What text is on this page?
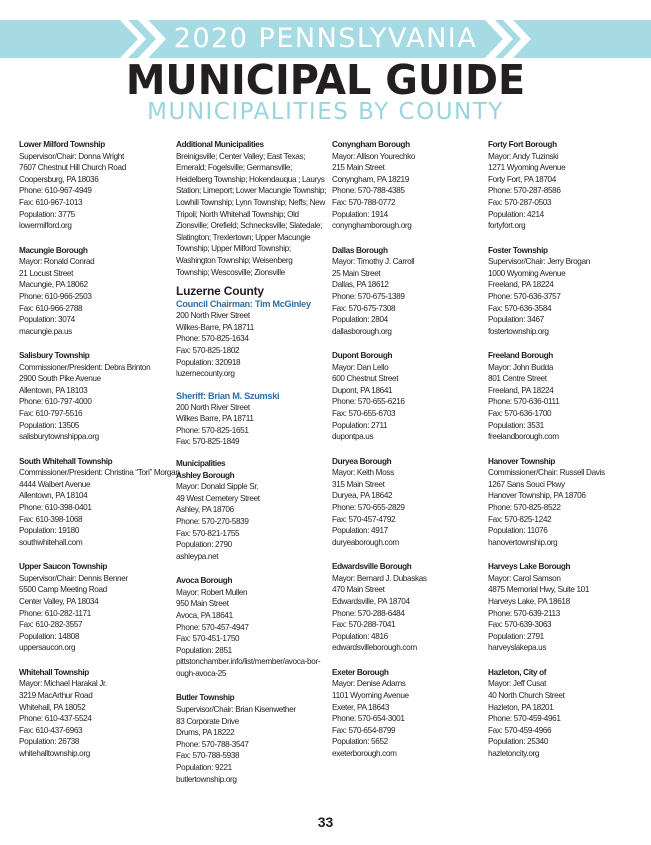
2020 PENNSLYVANIA
MUNICIPAL GUIDE
MUNICIPALITIES BY COUNTY
Lower Milford Township
Supervisor/Chair: Donna Wright
7607 Chestnut Hill Church Road
Coopersburg, PA 18036
Phone: 610-967-4949
Fax: 610-967-1013
Population: 3775
lowermilford.org
Macungie Borough
Mayor: Ronald Conrad
21 Locust Street
Macungie, PA 18062
Phone: 610-966-2503
Fax: 610-966-2788
Population: 3074
macungie.pa.us
Salisbury Township
Commissioner/President: Debra Brinton
2900 South Pike Avenue
Allentown, PA 18103
Phone: 610-797-4000
Fax: 610-797-5516
Population: 13505
salisburytownshippa.org
South Whitehall Township
Commissioner/President: Christina “Tori” Morgan
4444 Walbert Avenue
Allentown, PA 18104
Phone: 610-398-0401
Fax: 610-398-1068
Population: 19180
southwhitehall.com
Upper Saucon Township
Supervisor/Chair: Dennis Benner
5500 Camp Meeting Road
Center Valley, PA 18034
Phone: 610-282-1171
Fax: 610-282-3557
Population: 14808
uppersaucon.org
Whitehall Township
Mayor: Michael Harakal Jr.
3219 MacArthur Road
Whitehall, PA 18052
Phone: 610-437-5524
Fax: 610-437-6963
Population: 26738
whitehalltownship.org
Additional Municipalities
Breinigsville; Center Valley; East Texas; Emerald; Fogelsville; Germansville; Heidelberg Township; Hokendauqua ; Laurys Station; Limeport; Lower Macungie Township; Lowhill Township; Lynn Township; Neffs; New Tripoli; North Whitehall Township; Old Zionsville; Orefield; Schnecksville; Slatedale; Slatington; Trexlertown; Upper Macungie Township; Upper Milford Township; Washington Township; Weisenberg Township; Wescosville; Zionsville
Luzerne County
Council Chairman: Tim McGinley
200 North River Street
Wilkes-Barre, PA 18711
Phone: 570-825-1634
Fax: 570-825-1802
Population: 320918
luzernecounty.org
Sheriff: Brian M. Szumski
200 North River Street
Wilkes Barre, PA 18711
Phone: 570-825-1651
Fax: 570-825-1849
Municipalities
Ashley Borough
Mayor: Donald Sipple Sr.
49 West Cemetery Street
Ashley, PA 18706
Phone: 570-270-5839
Fax: 570-821-1755
Population: 2790
ashleypa.net
Avoca Borough
Mayor: Robert Mullen
950 Main Street
Avoca, PA 18641
Phone: 570-457-4947
Fax: 570-451-1750
Population: 2851
pittstonchamber.info/list/member/avoca-bor-
ough-avoca-25
Butler Township
Supervisor/Chair: Brian Kisenwether
83 Corporate Drive
Drums, PA 18222
Phone: 570-788-3547
Fax: 570-788-5938
Population: 9221
butlertownship.org
Conyngham Borough
Mayor: Allison Yourechko
215 Main Street
Conyngham, PA 18219
Phone: 570-788-4385
Fax: 570-788-0772
Population: 1914
conynghamborough.org
Dallas Borough
Mayor: Timothy J. Carroll
25 Main Street
Dallas, PA 18612
Phone: 570-675-1389
Fax: 570-675-7308
Population: 2804
dallasborough.org
Dupont Borough
Mayor: Dan Lello
600 Chestnut Street
Dupont, PA 18641
Phone: 570-655-6216
Fax: 570-655-6703
Population: 2711
dupontpa.us
Duryea Borough
Mayor: Keith Moss
315 Main Street
Duryea, PA 18642
Phone: 570-655-2829
Fax: 570-457-4792
Population: 4917
duryeaborough.com
Edwardsville Borough
Mayor: Bernard J. Dubaskas
470 Main Street
Edwardsville, PA 18704
Phone: 570-288-6484
Fax: 570-288-7041
Population: 4816
edwardsvilleborough.com
Exeter Borough
Mayor: Denise Adams
1101 Wyoming Avenue
Exeter, PA 18643
Phone: 570-654-3001
Fax: 570-654-8799
Population: 5652
exeterborough.com
Forty Fort Borough
Mayor: Andy Tuzinski
1271 Wyoming Avenue
Forty Fort, PA 18704
Phone: 570-287-8586
Fax: 570-287-0503
Population: 4214
fortyfort.org
Foster Township
Supervisor/Chair: Jerry Brogan
1000 Wyoming Avenue
Freeland, PA 18224
Phone: 570-636-3757
Fax: 570-636-3584
Population: 3467
fostertownship.org
Freeland Borough
Mayor: John Budda
801 Centre Street
Freeland, PA 18224
Phone: 570-636-0111
Fax: 570-636-1700
Population: 3531
freelandborough.com
Hanover Township
Commissioner/Chair: Russell Davis
1267 Sans Souci Pkwy
Hanover Township, PA 18706
Phone: 570-825-8522
Fax: 570-825-1242
Population: 11076
hanovertownship.org
Harveys Lake Borough
Mayor: Carol Samson
4875 Memorial Hwy, Suite 101
Harveys Lake, PA 18618
Phone: 570-639-2113
Fax: 570-639-3063
Population: 2791
harveyslakepa.us
Hazleton, City of
Mayor: Jeff Cusat
40 North Church Street
Hazleton, PA 18201
Phone: 570-459-4961
Fax: 570-459-4966
Population: 25340
hazletoncity.org
33
